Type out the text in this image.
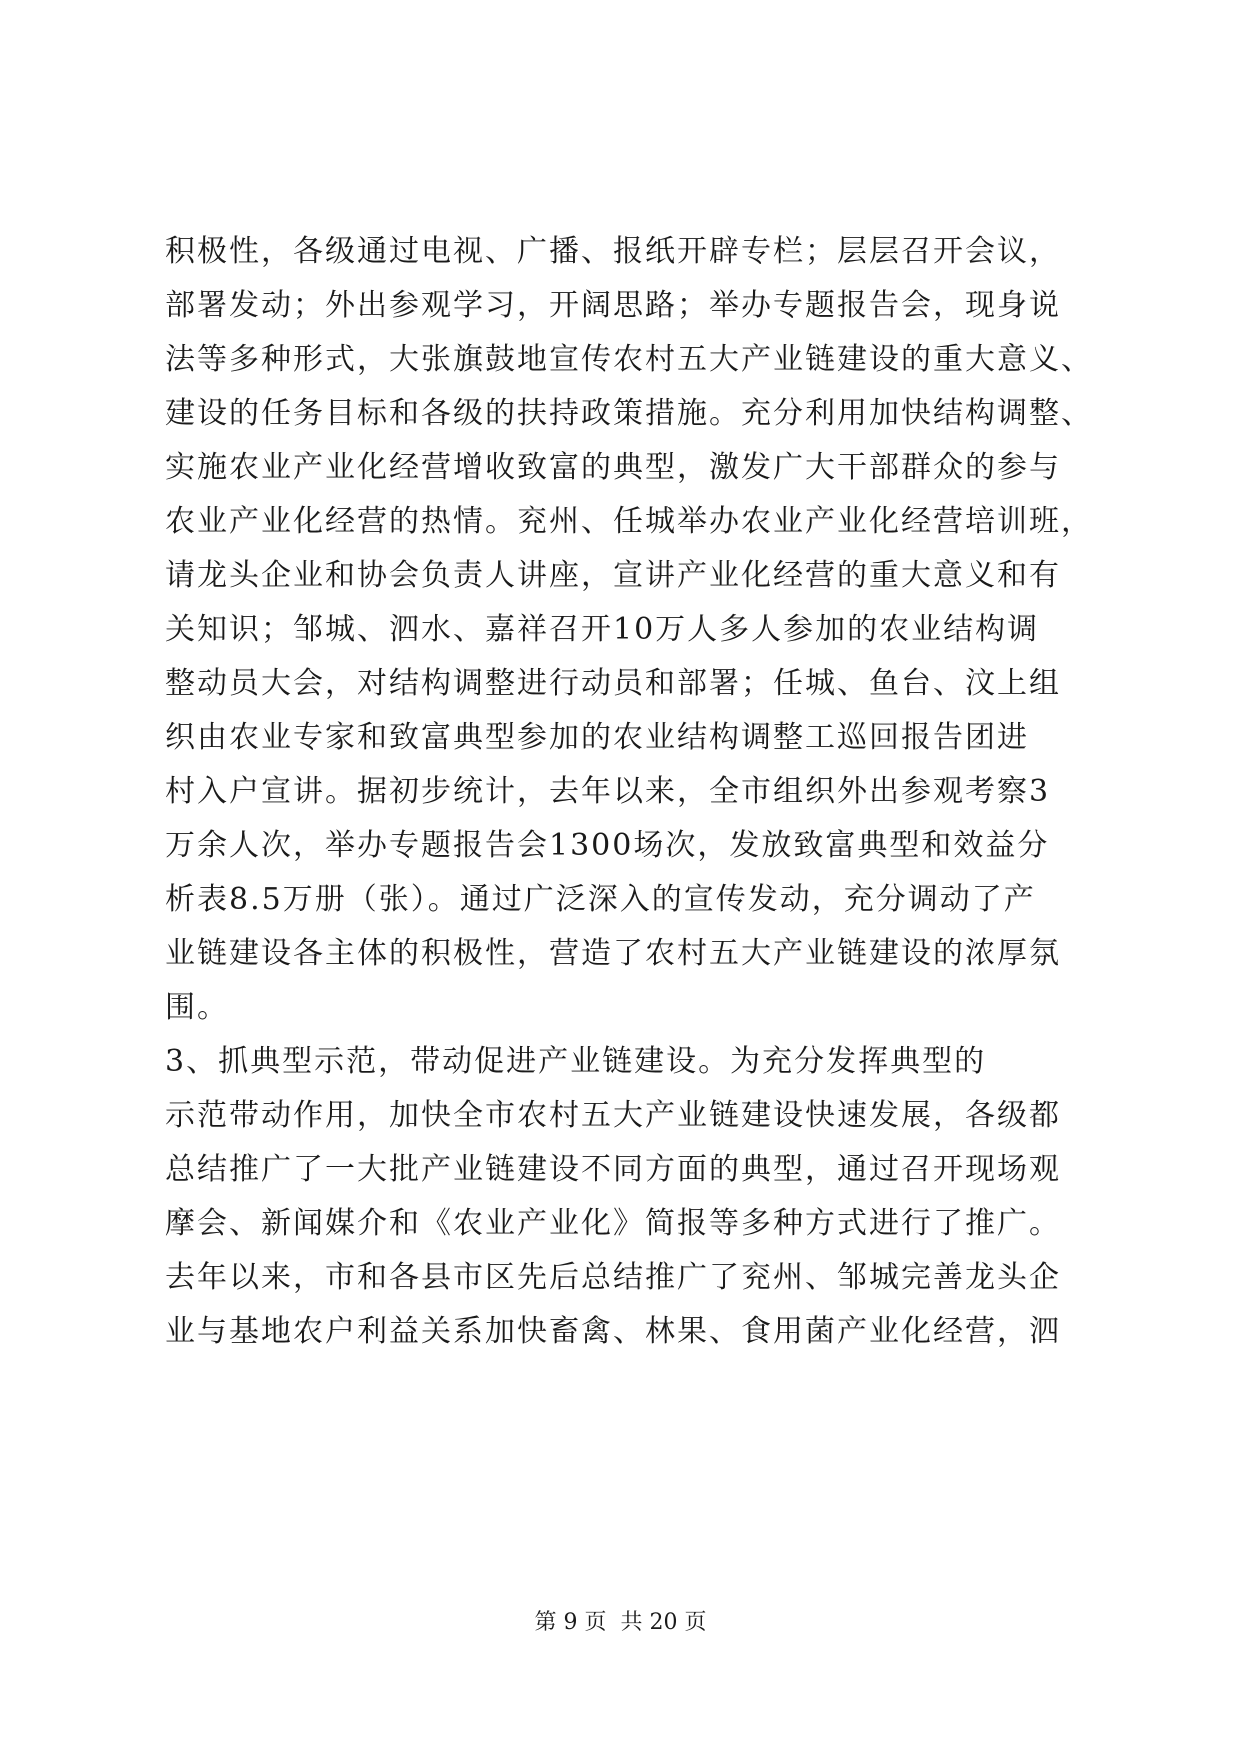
积极性，各级通过电视、广播、报纸开辟专栏；层层召开会议，
部署发动；外出参观学习，开阔思路；举办专题报告会，现身说
法等多种形式，大张旗鼓地宣传农村五大产业链建设的重大意义、
建设的任务目标和各级的扶持政策措施。充分利用加快结构调整、
实施农业产业化经营增收致富的典型，激发广大干部群众的参与
农业产业化经营的热情。兖州、任城举办农业产业化经营培训班，
请龙头企业和协会负责人讲座，宣讲产业化经营的重大意义和有
关知识；邹城、泗水、嘉祥召开10万人多人参加的农业结构调
整动员大会，对结构调整进行动员和部署；任城、鱼台、汶上组
织由农业专家和致富典型参加的农业结构调整工巡回报告团进
村入户宣讲。据初步统计，去年以来，全市组织外出参观考察3
万余人次，举办专题报告会1300场次，发放致富典型和效益分
析表8.5万册（张）。通过广泛深入的宣传发动，充分调动了产
业链建设各主体的积极性，营造了农村五大产业链建设的浓厚氛
围。
3、抓典型示范，带动促进产业链建设。为充分发挥典型的
示范带动作用，加快全市农村五大产业链建设快速发展，各级都
总结推广了一大批产业链建设不同方面的典型，通过召开现场观
摩会、新闻媒介和《农业产业化》简报等多种方式进行了推广。
去年以来，市和各县市区先后总结推广了兖州、邹城完善龙头企
业与基地农户利益关系加快畜禽、林果、食用菌产业化经营，泗
第 9 页  共 20 页
